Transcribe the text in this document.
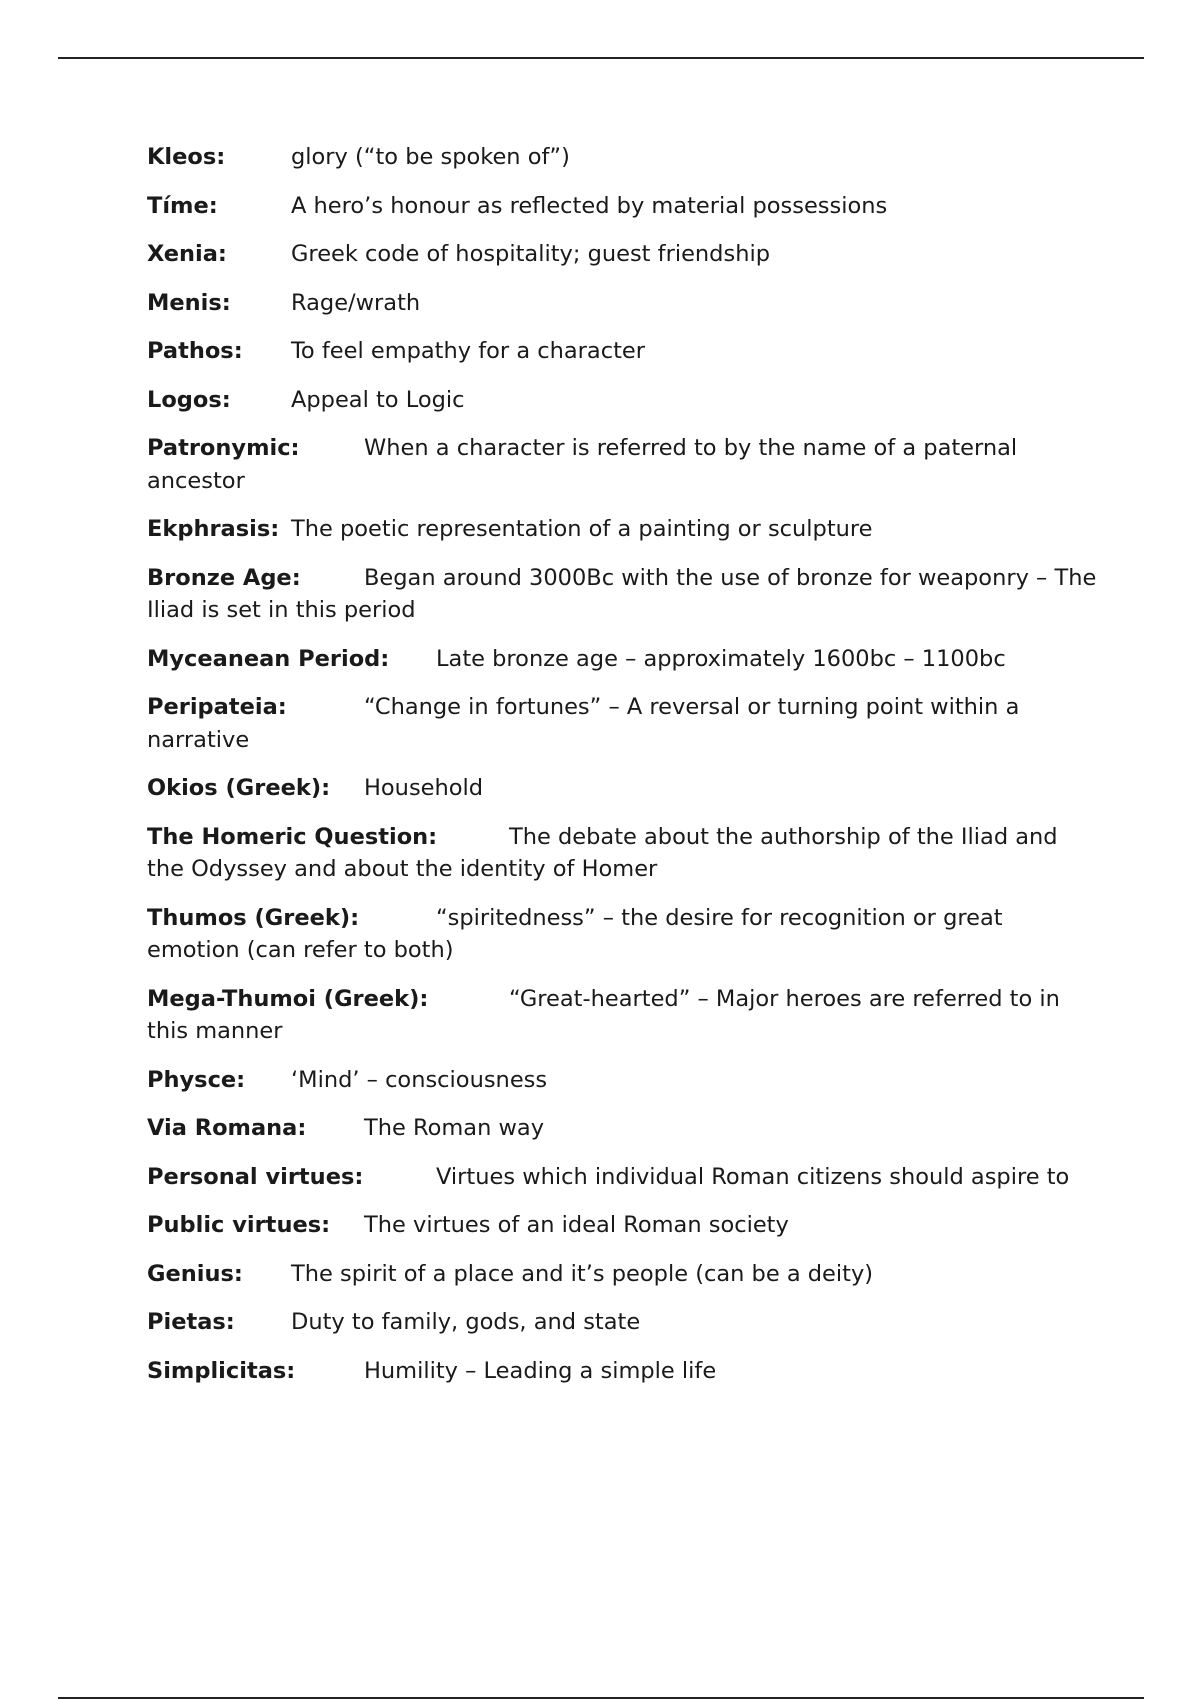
Kleos:	glory (“to be spoken of”)

Tíme:	A hero’s honour as reflected by material possessions

Xenia:	Greek code of hospitality; guest friendship

Menis:	Rage/wrath

Pathos: To feel empathy for a character

Logos:	Appeal to Logic

Patronymic:	When a character is referred to by the name of a paternal ancestor

Ekphrasis: The poetic representation of a painting or sculpture

Bronze Age:	Began around 3000Bc with the use of bronze for weaponry – The Iliad is set in this period

Myceanean Period: Late bronze age – approximately 1600bc – 1100bc

Peripateia:	“Change in fortunes” – A reversal or turning point within a narrative

Okios (Greek): Household

The Homeric Question:	The debate about the authorship of the Iliad and the Odyssey and about the identity of Homer

Thumos (Greek):	“spiritedness” – the desire for recognition or great emotion (can refer to both)

Mega-Thumoi (Greek):	“Great-hearted” – Major heroes are referred to in this manner

Physce: ‘Mind’ – consciousness

Via Romana:	The Roman way

Personal virtues:	Virtues which individual Roman citizens should aspire to

Public virtues: The virtues of an ideal Roman society

Genius: The spirit of a place and it’s people (can be a deity)

Pietas: Duty to family, gods, and state

Simplicitas:	Humility – Leading a simple life
